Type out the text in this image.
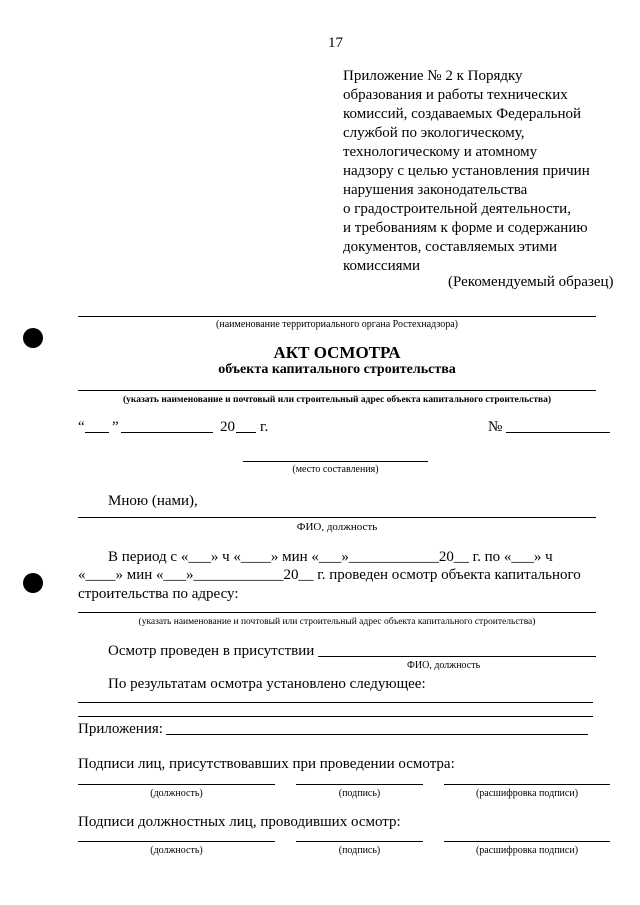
17
Приложение № 2 к Порядку
образования и работы технических
комиссий, создаваемых Федеральной
службой по экологическому,
технологическому и атомному
надзору с целью установления причин
нарушения законодательства
о градостроительной деятельности,
и требованиям к форме и содержанию
документов, составляемых этими
комиссиями
(Рекомендуемый образец)
(наименование территориального органа Ростехнадзора)
АКТ ОСМОТРА
объекта капитального строительства
(указать наименование и почтовый или строительный адрес объекта капитального строительства)
“ ”	20 г.	№
(место составления)
Мною (нами),
ФИО, должность
В период с «___» ч «____» мин «___»____________20__ г. по «___» ч
«____» мин «___»____________20__ г. проведен осмотр объекта капитального
строительства по адресу:
(указать наименование и почтовый или строительный адрес объекта капитального строительства)
Осмотр проведен в присутствии
ФИО, должность
По результатам осмотра установлено следующее:
Приложения:
Подписи лиц, присутствовавших при проведении осмотра:
(должность)	(подпись)	(расшифровка подписи)
Подписи должностных лиц, проводивших осмотр:
(должность)	(подпись)	(расшифровка подписи)
